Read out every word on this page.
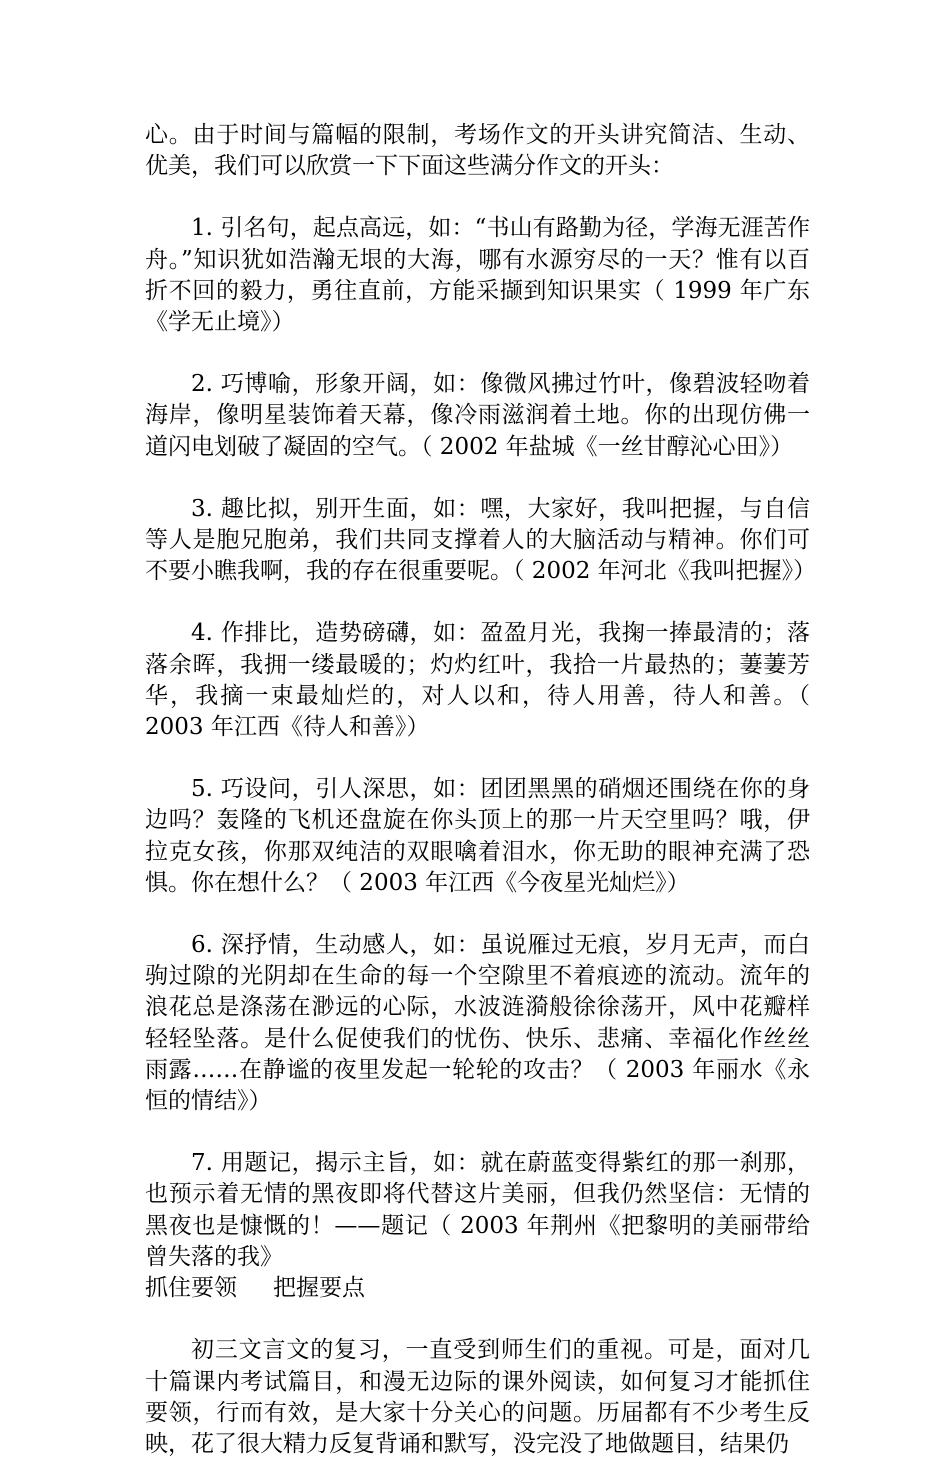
心。由于时间与篇幅的限制，考场作文的开头讲究简洁、生动、优美，我们可以欣赏一下下面这些满分作文的开头：

1. 引名句，起点高远，如：“书山有路勤为径，学海无涯苦作舟。”知识犹如浩瀚无垠的大海，哪有水源穷尽的一天？惟有以百折不回的毅力，勇往直前，方能采撷到知识果实（ 1999 年广东《学无止境》）

2. 巧博喻，形象开阔，如：像微风拂过竹叶，像碧波轻吻着海岸，像明星装饰着天幕，像冷雨滋润着土地。你的出现仿佛一道闪电划破了凝固的空气。（ 2002 年盐城《一丝甘醇沁心田》）

3. 趣比拟，别开生面，如：嘿，大家好，我叫把握，与自信等人是胞兄胞弟，我们共同支撑着人的大脑活动与精神。你们可不要小瞧我啊，我的存在很重要呢。（ 2002 年河北《我叫把握》）

4. 作排比，造势磅礴，如：盈盈月光，我掬一捧最清的；落落余晖，我拥一缕最暖的；灼灼红叶，我拾一片最热的；萋萋芳华，我摘一束最灿烂的，对人以和，待人用善，待人和善。（ 2003 年江西《待人和善》）

5. 巧设问，引人深思，如：团团黑黑的硝烟还围绕在你的身边吗？轰隆的飞机还盘旋在你头顶上的那一片天空里吗？哦，伊拉克女孩，你那双纯洁的双眼噙着泪水，你无助的眼神充满了恐惧。你在想什么？（ 2003 年江西《今夜星光灿烂》）

6. 深抒情，生动感人，如：虽说雁过无痕，岁月无声，而白驹过隙的光阴却在生命的每一个空隙里不着痕迹的流动。流年的浪花总是涤荡在渺远的心际，水波涟漪般徐徐荡开，风中花瓣样轻轻坠落。是什么促使我们的忧伤、快乐、悲痛、幸福化作丝丝雨露……在静谧的夜里发起一轮轮的攻击？（ 2003 年丽水《永恒的情结》）

7. 用题记，揭示主旨，如：就在蔚蓝变得紫红的那一刹那，也预示着无情的黑夜即将代替这片美丽，但我仍然坚信：无情的黑夜也是慷慨的！——题记（ 2003 年荆州《把黎明的美丽带给曾失落的我》

抓住要领 把握要点

初三文言文的复习，一直受到师生们的重视。可是，面对几十篇课内考试篇目，和漫无边际的课外阅读，如何复习才能抓住要领，行而有效，是大家十分关心的问题。历届都有不少考生反映，花了很大精力反复背诵和默写，没完没了地做题目，结果仍
